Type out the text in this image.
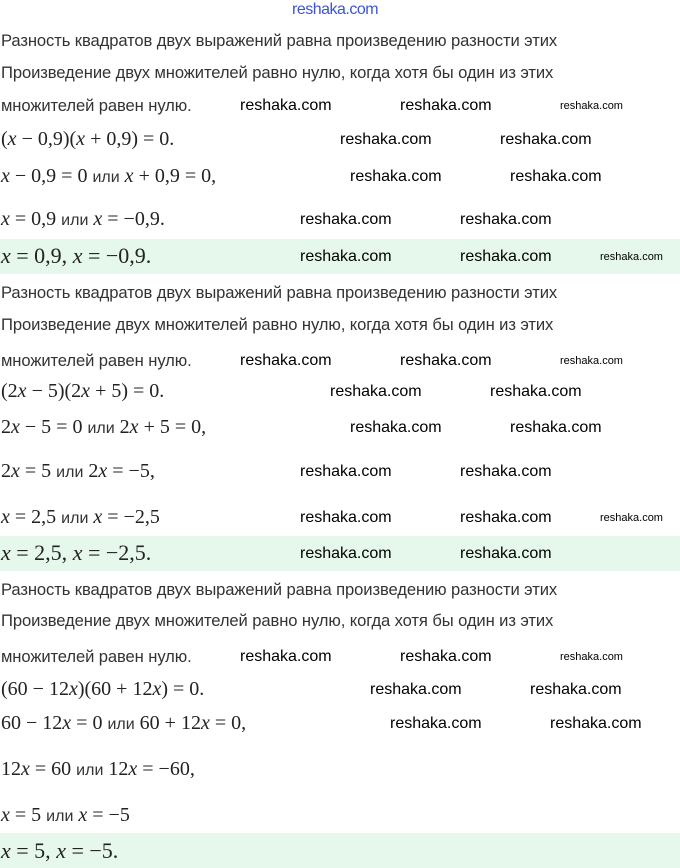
reshaka.com
Разность квадратов двух выражений равна произведению разности этих
Произведение двух множителей равно нулю, когда хотя бы один из этих
множителей равен нулю.
(x − 0,9)(x + 0,9) = 0.
x − 0,9 = 0 или x + 0,9 = 0,
x = 0,9 или x = −0,9.
x = 0,9, x = −0,9.
Разность квадратов двух выражений равна произведению разности этих
Произведение двух множителей равно нулю, когда хотя бы один из этих
множителей равен нулю.
(2x − 5)(2x + 5) = 0.
2x − 5 = 0 или 2x + 5 = 0,
2x = 5 или 2x = −5,
x = 2,5 или x = −2,5
x = 2,5, x = −2,5.
Разность квадратов двух выражений равна произведению разности этих
Произведение двух множителей равно нулю, когда хотя бы один из этих
множителей равен нулю.
(60 − 12x)(60 + 12x) = 0.
60 − 12x = 0 или 60 + 12x = 0,
12x = 60 или 12x = −60,
x = 5 или x = −5
x = 5, x = −5.
reshaka.com	reshaka.com	reshaka.com
reshaka.com	reshaka.com
reshaka.com	reshaka.com
reshaka.com	reshaka.com
reshaka.com	reshaka.com	reshaka.com
reshaka.com	reshaka.com	reshaka.com
reshaka.com	reshaka.com
reshaka.com	reshaka.com
reshaka.com	reshaka.com
reshaka.com	reshaka.com	reshaka.com
reshaka.com	reshaka.com
reshaka.com	reshaka.com	reshaka.com
reshaka.com	reshaka.com
reshaka.com	reshaka.com
